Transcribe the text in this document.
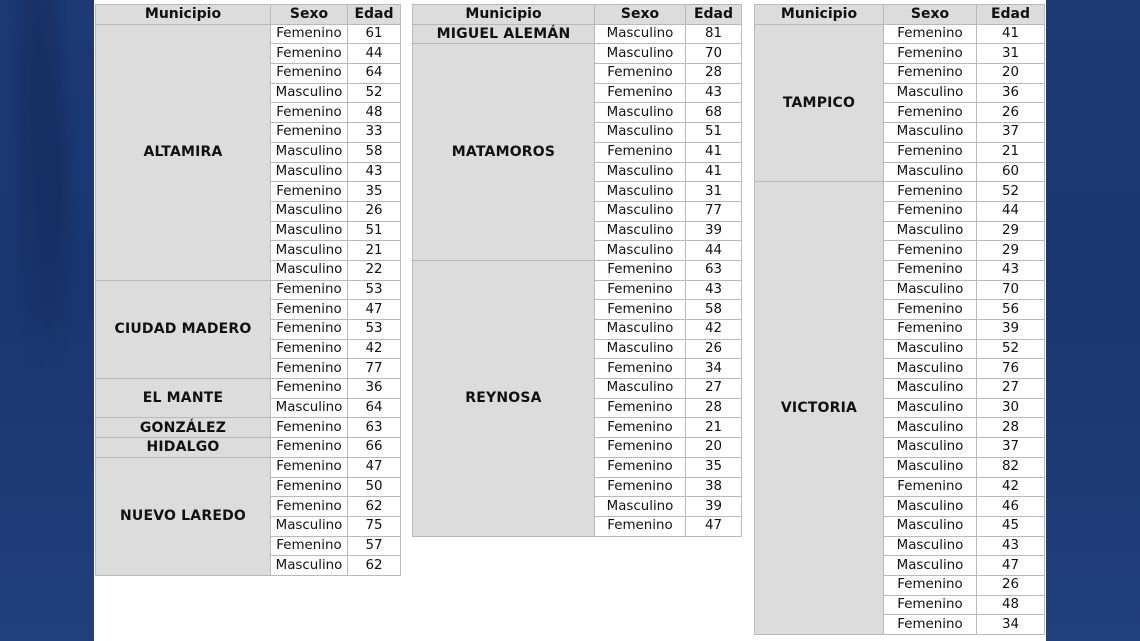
Municipio	Sexo	Edad
ALTAMIRA	Femenino	61
	Femenino	44
	Femenino	64
	Masculino	52
	Femenino	48
	Femenino	33
	Masculino	58
	Masculino	43
	Femenino	35
	Masculino	26
	Masculino	51
	Masculino	21
	Masculino	22
CIUDAD MADERO	Femenino	53
	Femenino	47
	Femenino	53
	Femenino	42
	Femenino	77
EL MANTE	Femenino	36
	Masculino	64
GONZÁLEZ	Femenino	63
HIDALGO	Femenino	66
NUEVO LAREDO	Femenino	47
	Femenino	50
	Femenino	62
	Masculino	75
	Femenino	57
	Masculino	62
Municipio	Sexo	Edad
MIGUEL ALEMÁN	Masculino	81
MATAMOROS	Masculino	70
	Femenino	28
	Femenino	43
	Masculino	68
	Masculino	51
	Femenino	41
	Masculino	41
	Masculino	31
	Masculino	77
	Masculino	39
	Masculino	44
REYNOSA	Femenino	63
	Femenino	43
	Femenino	58
	Masculino	42
	Masculino	26
	Femenino	34
	Masculino	27
	Femenino	28
	Femenino	21
	Femenino	20
	Femenino	35
	Femenino	38
	Masculino	39
	Femenino	47
Municipio	Sexo	Edad
TAMPICO	Femenino	41
	Femenino	31
	Femenino	20
	Masculino	36
	Femenino	26
	Masculino	37
	Femenino	21
	Masculino	60
VICTORIA	Femenino	52
	Femenino	44
	Masculino	29
	Femenino	29
	Femenino	43
	Masculino	70
	Femenino	56
	Femenino	39
	Masculino	52
	Masculino	76
	Masculino	27
	Masculino	30
	Masculino	28
	Masculino	37
	Masculino	82
	Femenino	42
	Masculino	46
	Masculino	45
	Masculino	43
	Masculino	47
	Femenino	26
	Femenino	48
	Femenino	34
